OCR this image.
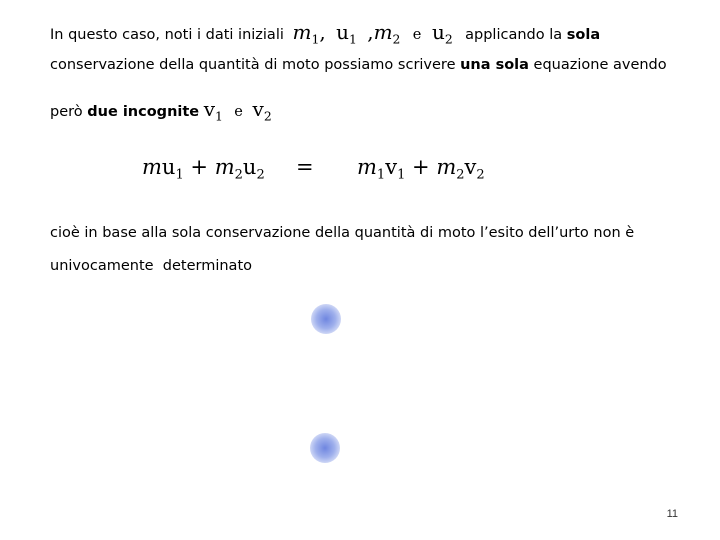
In questo caso, noti i dati iniziali $m_1$, $u_1$ $,m_2$ e $u_2$ applicando la sola
conservazione della quantità di moto possiamo scrivere una sola equazione avendo
però due incognite $v_1$ e $v_2$
$mu_1 + m_2u_2 = m_1v_1 + m_2v_2$
cioè in base alla sola conservazione della quantità di moto l’esito dell’urto non è
univocamente  determinato
11
